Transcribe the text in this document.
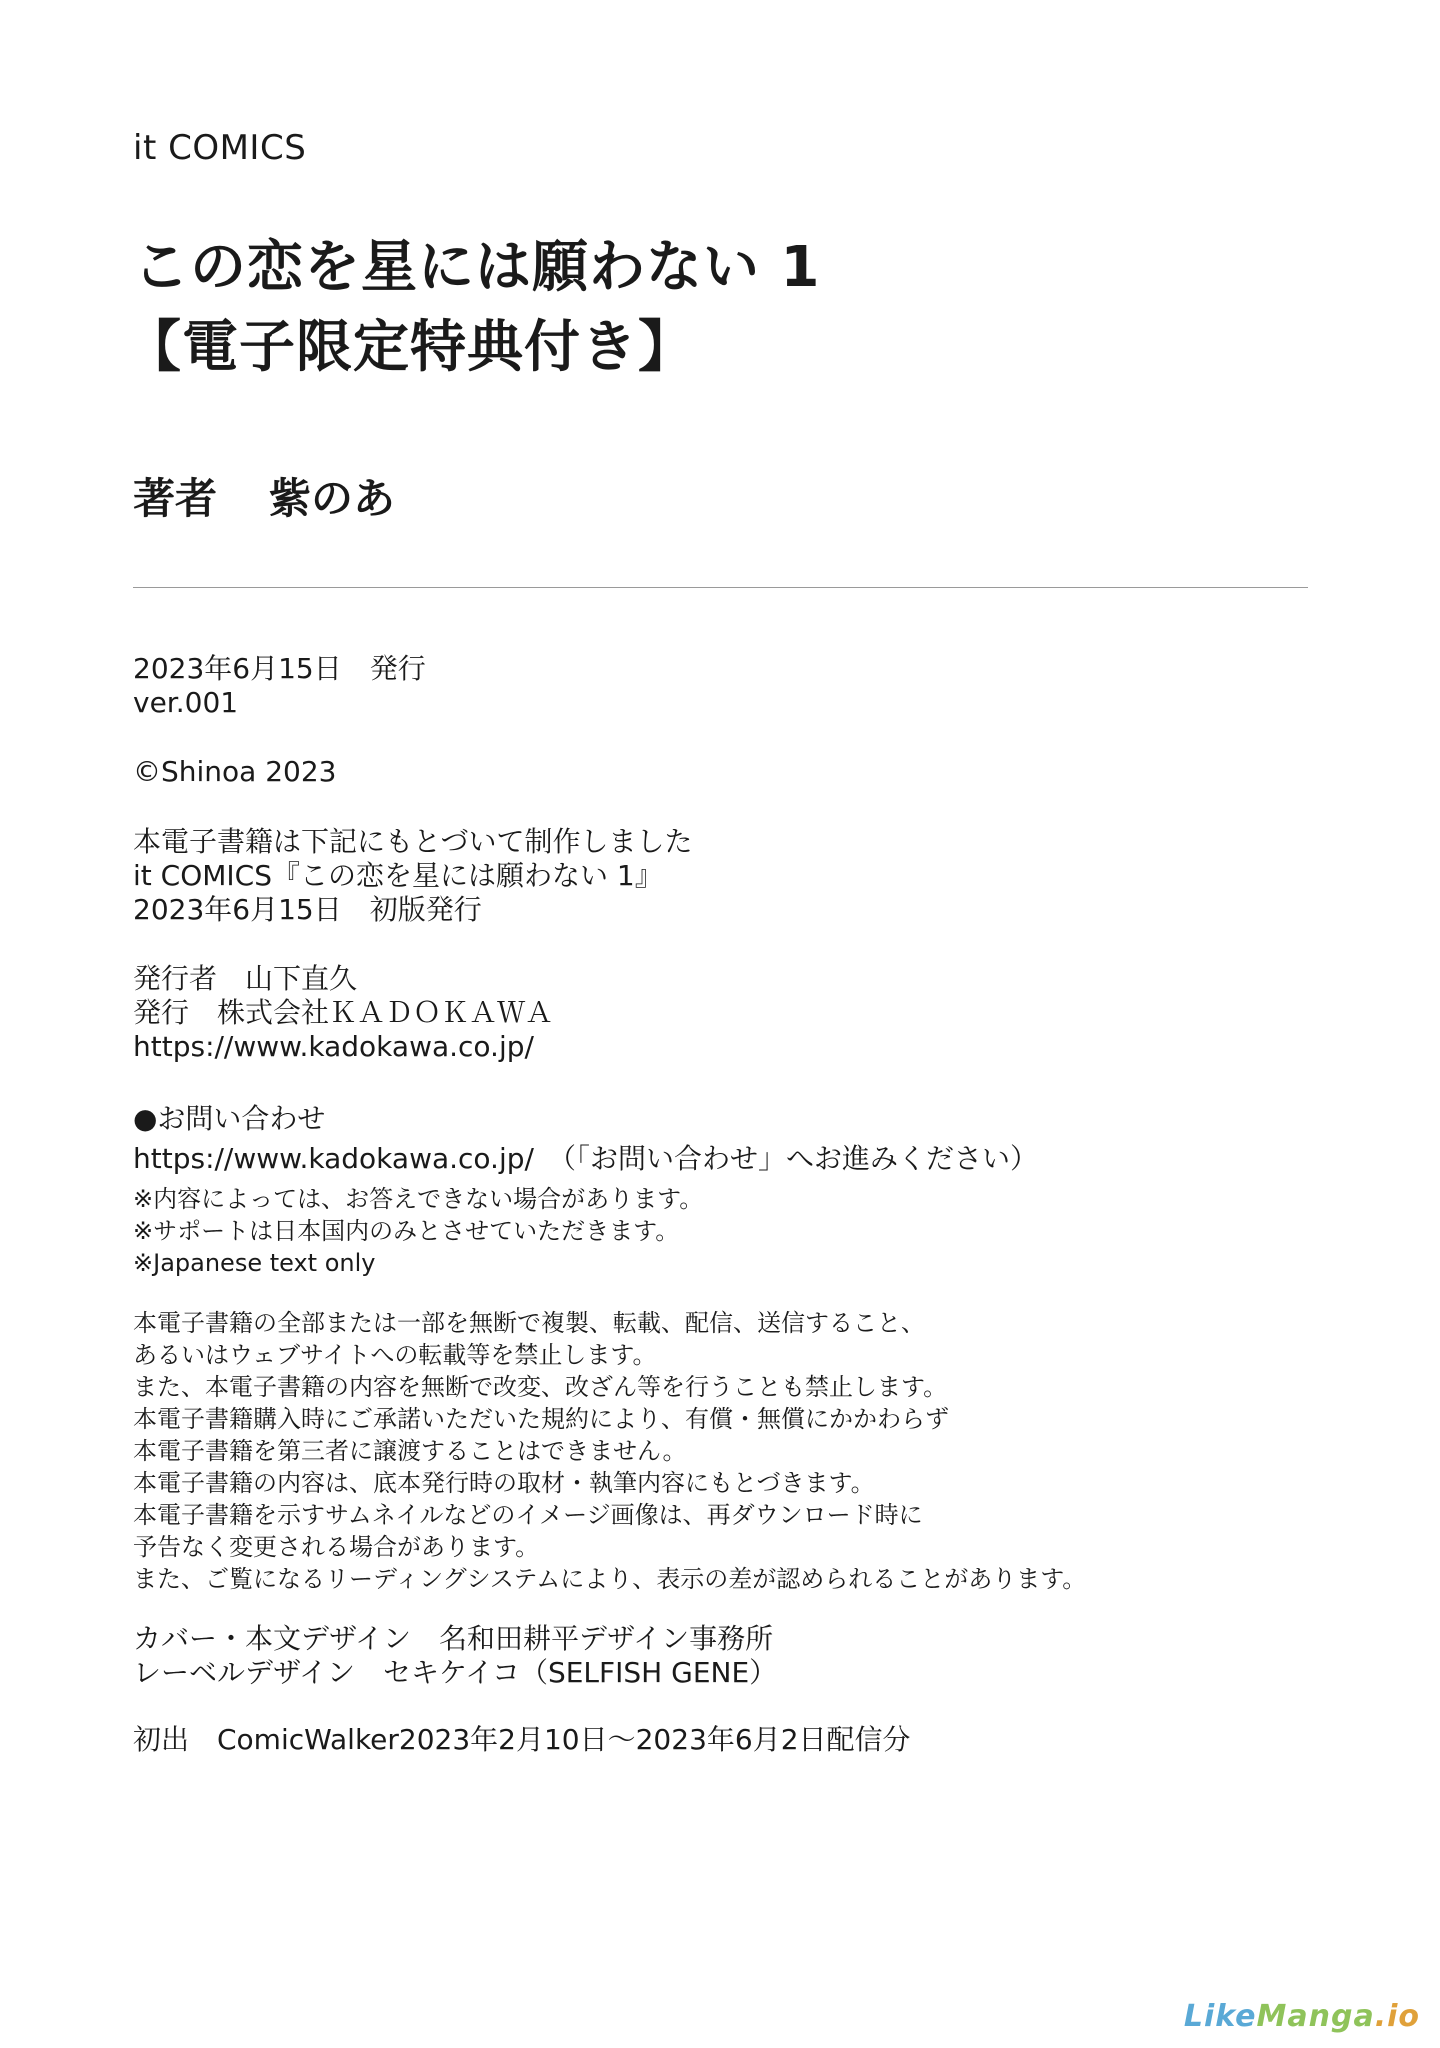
it COMICS
この恋を星には願わない 1
【電子限定特典付き】
著者 紫のあ
2023年6月15日　発行
ver.001
©Shinoa 2023
本電子書籍は下記にもとづいて制作しました
it COMICS『この恋を星には願わない 1』
2023年6月15日　初版発行
発行者　山下直久
発行　株式会社ＫＡＤＯＫＡＷＡ
https://www.kadokawa.co.jp/
●お問い合わせ
https://www.kadokawa.co.jp/　（「お問い合わせ」へお進みください）
※内容によっては、お答えできない場合があります。
※サポートは日本国内のみとさせていただきます。
※Japanese text only
本電子書籍の全部または一部を無断で複製、転載、配信、送信すること、
あるいはウェブサイトへの転載等を禁止します。
また、本電子書籍の内容を無断で改変、改ざん等を行うことも禁止します。
本電子書籍購入時にご承諾いただいた規約により、有償・無償にかかわらず
本電子書籍を第三者に譲渡することはできません。
本電子書籍の内容は、底本発行時の取材・執筆内容にもとづきます。
本電子書籍を示すサムネイルなどのイメージ画像は、再ダウンロード時に
予告なく変更される場合があります。
また、ご覧になるリーディングシステムにより、表示の差が認められることがあります。
カバー・本文デザイン　名和田耕平デザイン事務所
レーベルデザイン　セキケイコ（SELFISH GENE）
初出　ComicWalker2023年2月10日～2023年6月2日配信分
LikeManga.io
